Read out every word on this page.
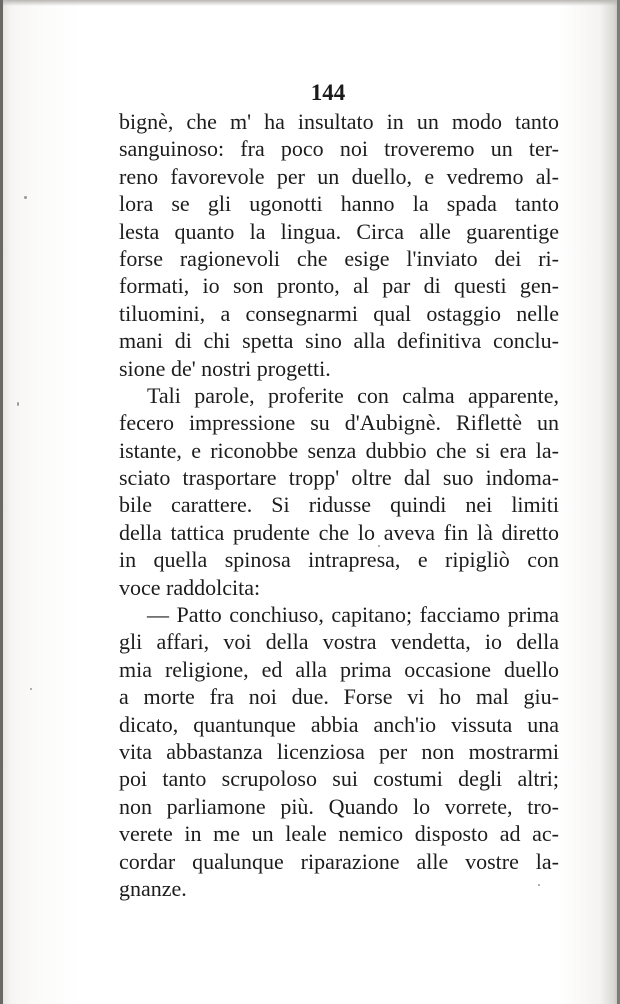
144
bignè, che m' ha insultato in un modo tanto
sanguinoso: fra poco noi troveremo un ter-
reno favorevole per un duello, e vedremo al-
lora se gli ugonotti hanno la spada tanto
lesta quanto la lingua. Circa alle guarentige
forse ragionevoli che esige l'inviato dei ri-
formati, io son pronto, al par di questi gen-
tiluomini, a consegnarmi qual ostaggio nelle
mani di chi spetta sino alla definitiva conclu-
sione de' nostri progetti.
Tali parole, proferite con calma apparente,
fecero impressione su d'Aubignè. Riflettè un
istante, e riconobbe senza dubbio che si era la-
sciato trasportare tropp' oltre dal suo indoma-
bile carattere. Si ridusse quindi nei limiti
della tattica prudente che lo aveva fin là diretto
in quella spinosa intrapresa, e ripigliò con
voce raddolcita:
— Patto conchiuso, capitano; facciamo prima
gli affari, voi della vostra vendetta, io della
mia religione, ed alla prima occasione duello
a morte fra noi due. Forse vi ho mal giu-
dicato, quantunque abbia anch'io vissuta una
vita abbastanza licenziosa per non mostrarmi
poi tanto scrupoloso sui costumi degli altri;
non parliamone più. Quando lo vorrete, tro-
verete in me un leale nemico disposto ad ac-
cordar qualunque riparazione alle vostre la-
gnanze.
